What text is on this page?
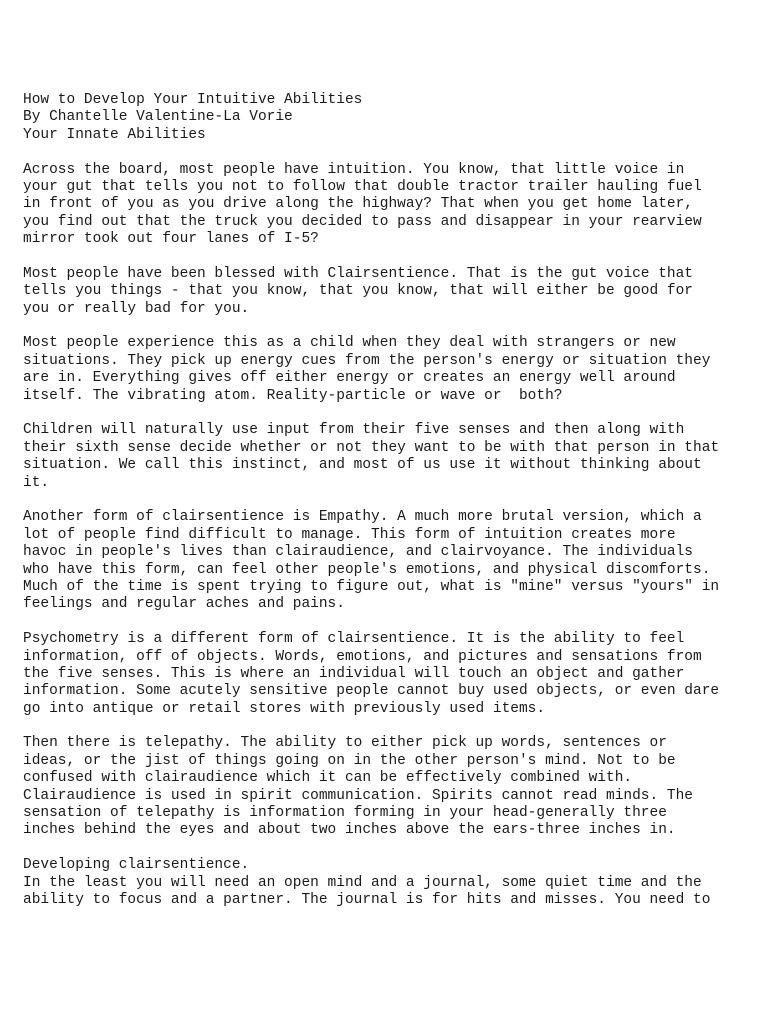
How to Develop Your Intuitive Abilities
By Chantelle Valentine-La Vorie
Your Innate Abilities
Across the board, most people have intuition. You know, that little voice in
your gut that tells you not to follow that double tractor trailer hauling fuel
in front of you as you drive along the highway? That when you get home later,
you find out that the truck you decided to pass and disappear in your rearview
mirror took out four lanes of I-5?
Most people have been blessed with Clairsentience. That is the gut voice that
tells you things - that you know, that you know, that will either be good for
you or really bad for you.
Most people experience this as a child when they deal with strangers or new
situations. They pick up energy cues from the person's energy or situation they
are in. Everything gives off either energy or creates an energy well around
itself. The vibrating atom. Reality-particle or wave or  both?
Children will naturally use input from their five senses and then along with
their sixth sense decide whether or not they want to be with that person in that
situation. We call this instinct, and most of us use it without thinking about
it.
Another form of clairsentience is Empathy. A much more brutal version, which a
lot of people find difficult to manage. This form of intuition creates more
havoc in people's lives than clairaudience, and clairvoyance. The individuals
who have this form, can feel other people's emotions, and physical discomforts.
Much of the time is spent trying to figure out, what is "mine" versus "yours" in
feelings and regular aches and pains.
Psychometry is a different form of clairsentience. It is the ability to feel
information, off of objects. Words, emotions, and pictures and sensations from
the five senses. This is where an individual will touch an object and gather
information. Some acutely sensitive people cannot buy used objects, or even dare
go into antique or retail stores with previously used items.
Then there is telepathy. The ability to either pick up words, sentences or
ideas, or the jist of things going on in the other person's mind. Not to be
confused with clairaudience which it can be effectively combined with.
Clairaudience is used in spirit communication. Spirits cannot read minds. The
sensation of telepathy is information forming in your head-generally three
inches behind the eyes and about two inches above the ears-three inches in.
Developing clairsentience.
In the least you will need an open mind and a journal, some quiet time and the
ability to focus and a partner. The journal is for hits and misses. You need to
